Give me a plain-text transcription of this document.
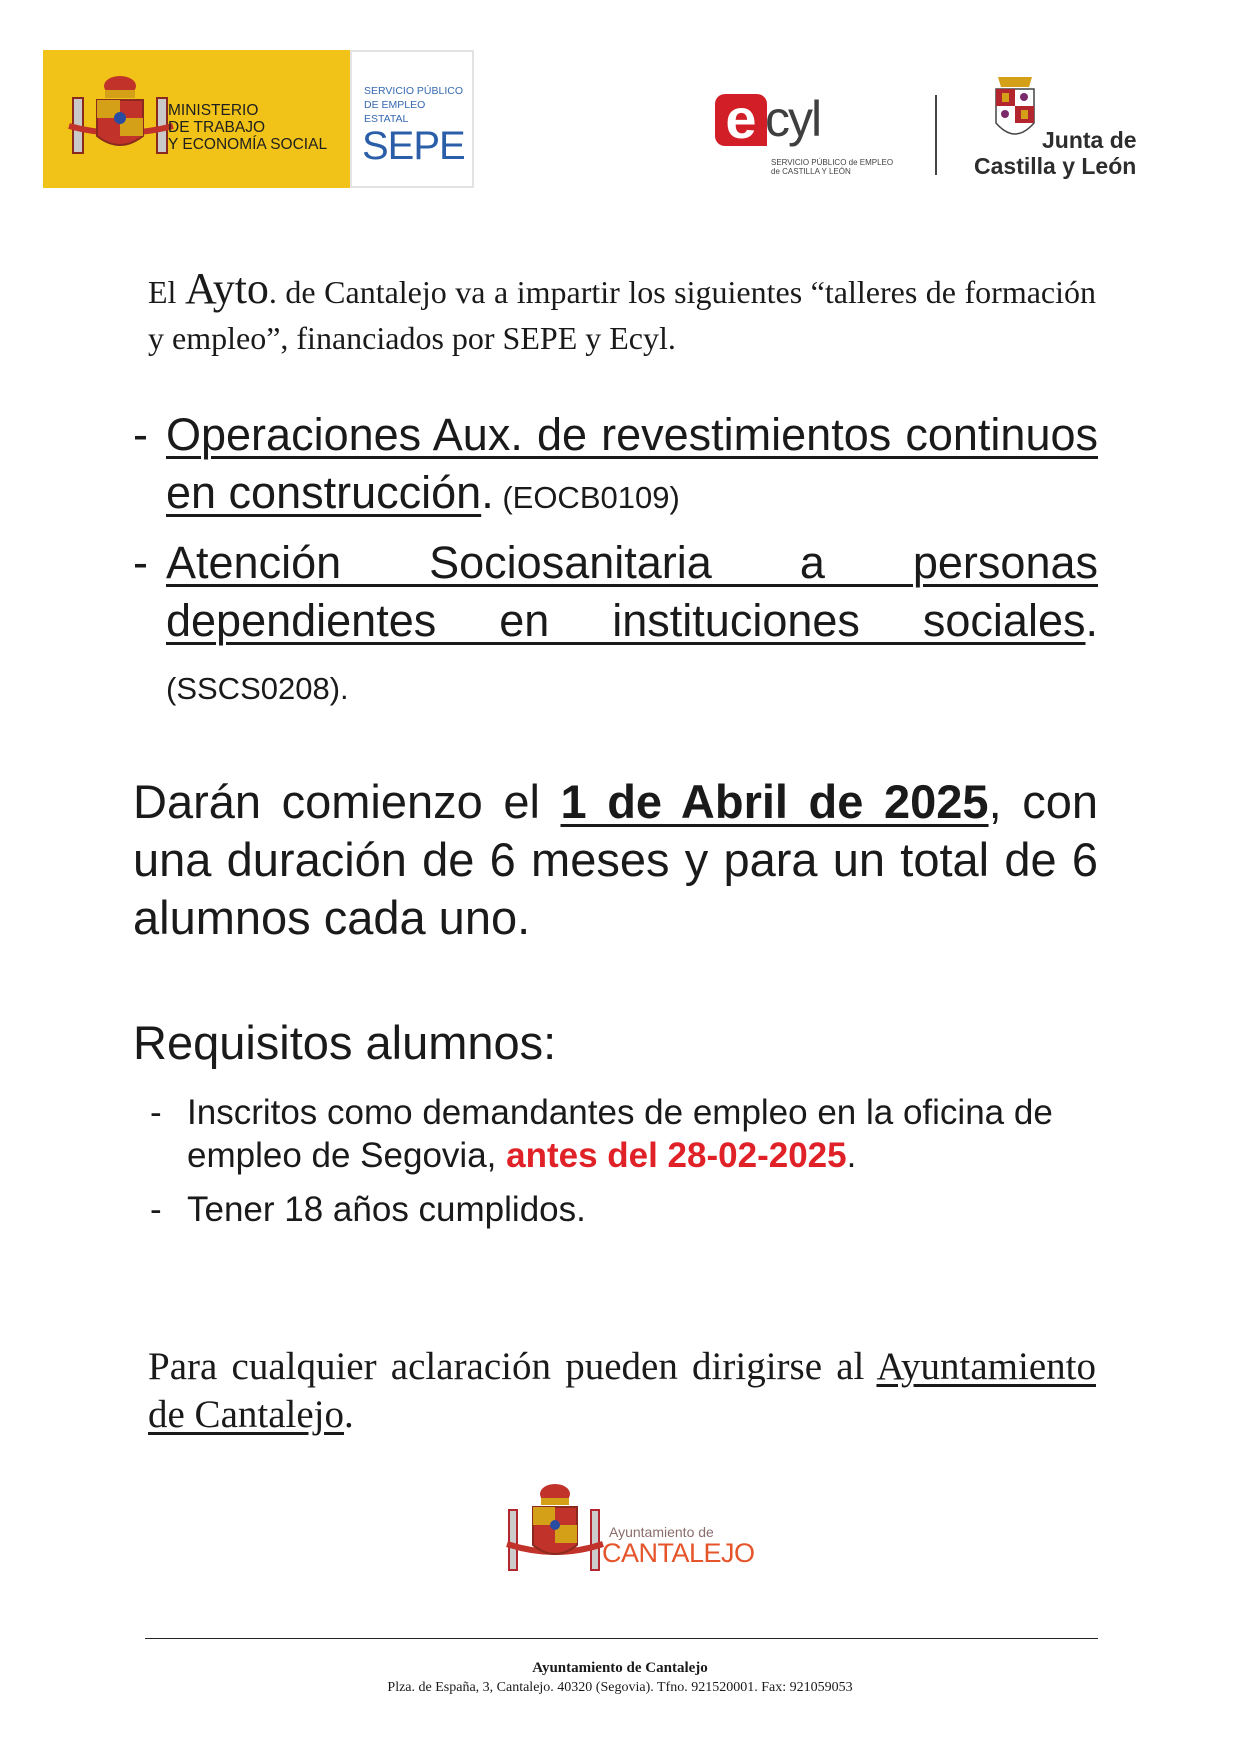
MINISTERIO
DE TRABAJO
Y ECONOMÍA SOCIAL
SERVICIO PÚBLICO
DE EMPLEO ESTATAL
SEPE	e cyl
SERVICIO PÚBLICO de EMPLEO
de CASTILLA Y LEÓN
Junta de
Castilla y León
El Ayto. de Cantalejo va a impartir los siguientes “talleres de formación y empleo”, financiados por SEPE y Ecyl.
- Operaciones Aux. de revestimientos continuos en construcción. (EOCB0109)
- Atención Sociosanitaria a personas dependientes en instituciones sociales. (SSCS0208).
Darán comienzo el 1 de Abril de 2025, con una duración de 6 meses y para un total de 6 alumnos cada uno.
Requisitos alumnos:
- Inscritos como demandantes de empleo en la oficina de empleo de Segovia, antes del 28-02-2025.
- Tener 18 años cumplidos.
Para cualquier aclaración pueden dirigirse al Ayuntamiento de Cantalejo.
Ayuntamiento de
CANTALEJO
Ayuntamiento de Cantalejo
Plza. de España, 3, Cantalejo. 40320 (Segovia). Tfno. 921520001. Fax: 921059053
